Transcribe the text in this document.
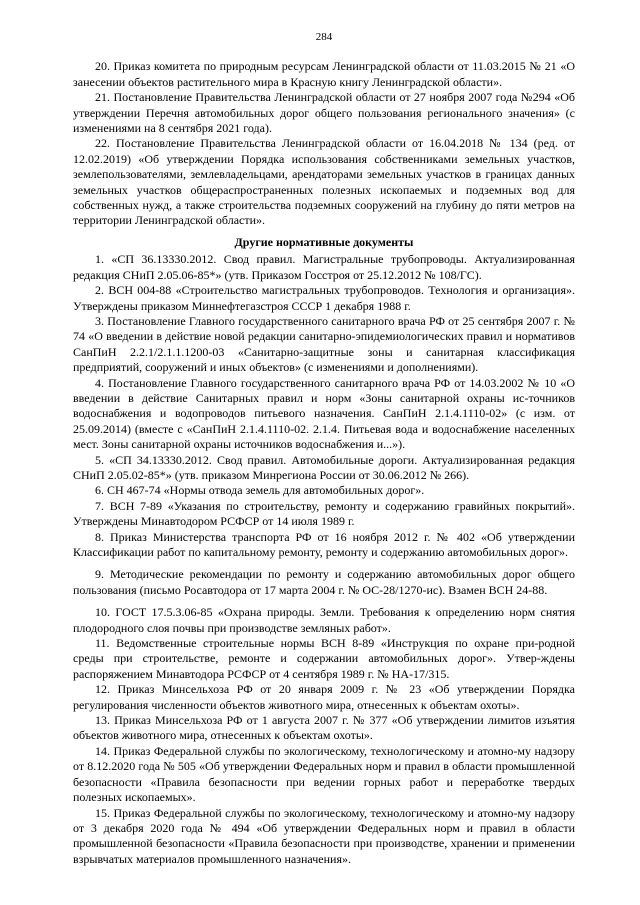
284

20. Приказ комитета по природным ресурсам Ленинградской области от 11.03.2015 № 21 «О занесении объектов растительного мира в Красную книгу Ленинградской области».

21. Постановление Правительства Ленинградской области от 27 ноября 2007 года №294 «Об утверждении Перечня автомобильных дорог общего пользования регионального значения» (с изменениями на 8 сентября 2021 года).

22. Постановление Правительства Ленинградской области от 16.04.2018 № 134 (ред. от 12.02.2019) «Об утверждении Порядка использования собственниками земельных участков, землепользователями, землевладельцами, арендаторами земельных участков в границах данных земельных участков общераспространенных полезных ископаемых и подземных вод для собственных нужд, а также строительства подземных сооружений на глубину до пяти метров на территории Ленинградской области».

Другие нормативные документы

1. «СП 36.13330.2012. Свод правил. Магистральные трубопроводы. Актуализированная редакция СНиП 2.05.06-85*» (утв. Приказом Госстроя от 25.12.2012 № 108/ГС).

2. ВСН 004-88 «Строительство магистральных трубопроводов. Технология и организация». Утверждены приказом Миннефтегазстроя СССР 1 декабря 1988 г.

3. Постановление Главного государственного санитарного врача РФ от 25 сентября 2007 г. № 74 «О введении в действие новой редакции санитарно-эпидемиологических правил и нормативов СанПиН 2.2.1/2.1.1.1200-03 «Санитарно-защитные зоны и санитарная классификация предприятий, сооружений и иных объектов» (с изменениями и дополнениями).

4. Постановление Главного государственного санитарного врача РФ от 14.03.2002 № 10 «О введении в действие Санитарных правил и норм «Зоны санитарной охраны ис-точников водоснабжения и водопроводов питьевого назначения. СанПиН 2.1.4.1110-02» (с изм. от 25.09.2014) (вместе с «СанПиН 2.1.4.1110-02. 2.1.4. Питьевая вода и водоснабжение населенных мест. Зоны санитарной охраны источников водоснабжения и...»).

5. «СП 34.13330.2012. Свод правил. Автомобильные дороги. Актуализированная редакция СНиП 2.05.02-85*» (утв. приказом Минрегиона России от 30.06.2012 № 266).

6. СН 467-74 «Нормы отвода земель для автомобильных дорог».

7. ВСН 7-89 «Указания по строительству, ремонту и содержанию гравийных покрытий». Утверждены Минавтодором РСФСР от 14 июля 1989 г.

8. Приказ Министерства транспорта РФ от 16 ноября 2012 г. № 402 «Об утверждении Классификации работ по капитальному ремонту, ремонту и содержанию автомобильных дорог».

9. Методические рекомендации по ремонту и содержанию автомобильных дорог общего пользования (письмо Росавтодора от 17 марта 2004 г. № ОС-28/1270-ис). Взамен ВСН 24-88.

10. ГОСТ 17.5.3.06-85 «Охрана природы. Земли. Требования к определению норм снятия плодородного слоя почвы при производстве земляных работ».

11. Ведомственные строительные нормы ВСН 8-89 «Инструкция по охране при-родной среды при строительстве, ремонте и содержании автомобильных дорог». Утвер-ждены распоряжением Минавтодора РСФСР от 4 сентября 1989 г. № НА-17/315.

12. Приказ Минсельхоза РФ от 20 января 2009 г. № 23 «Об утверждении Порядка регулирования численности объектов животного мира, отнесенных к объектам охоты».

13. Приказ Минсельхоза РФ от 1 августа 2007 г. № 377 «Об утверждении лимитов изъятия объектов животного мира, отнесенных к объектам охоты».

14. Приказ Федеральной службы по экологическому, технологическому и атомно-му надзору от 8.12.2020 года № 505 «Об утверждении Федеральных норм и правил в области промышленной безопасности «Правила безопасности при ведении горных работ и переработке твердых полезных ископаемых».

15. Приказ Федеральной службы по экологическому, технологическому и атомно-му надзору от 3 декабря 2020 года № 494 «Об утверждении Федеральных норм и правил в области промышленной безопасности «Правила безопасности при производстве, хранении и применении взрывчатых материалов промышленного назначения».
